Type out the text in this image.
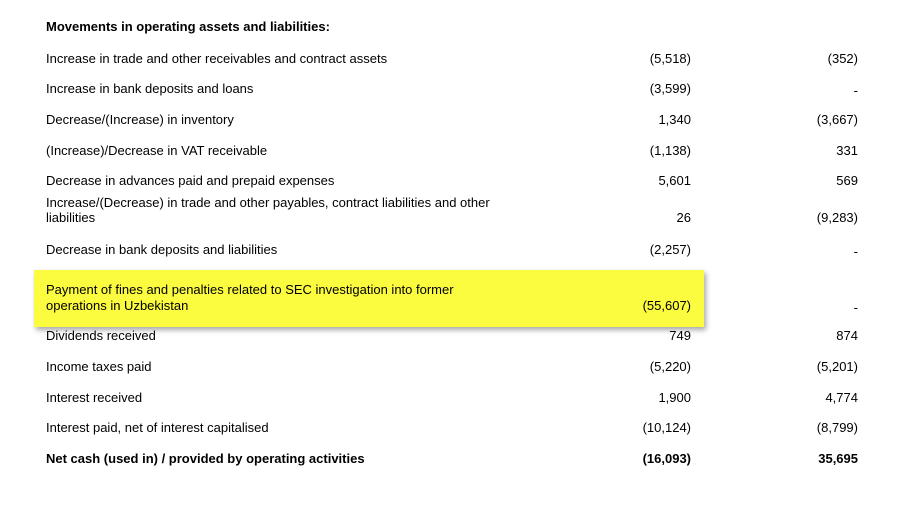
Movements in operating assets and liabilities:
Increase in trade and other receivables and contract assets	(5,518)	(352)
Increase in bank deposits and loans	(3,599)	-
Decrease/(Increase) in inventory	1,340	(3,667)
(Increase)/Decrease in VAT receivable	(1,138)	331
Decrease in advances paid and prepaid expenses	5,601	569
Increase/(Decrease) in trade and other payables, contract liabilities and other
liabilities	26	(9,283)
Decrease in bank deposits and liabilities	(2,257)	-
Payment of fines and penalties related to SEC investigation into former
operations in Uzbekistan	(55,607)	-
Dividends received	749	874
Income taxes paid	(5,220)	(5,201)
Interest received	1,900	4,774
Interest paid, net of interest capitalised	(10,124)	(8,799)
Net cash (used in) / provided by operating activities	(16,093)	35,695
